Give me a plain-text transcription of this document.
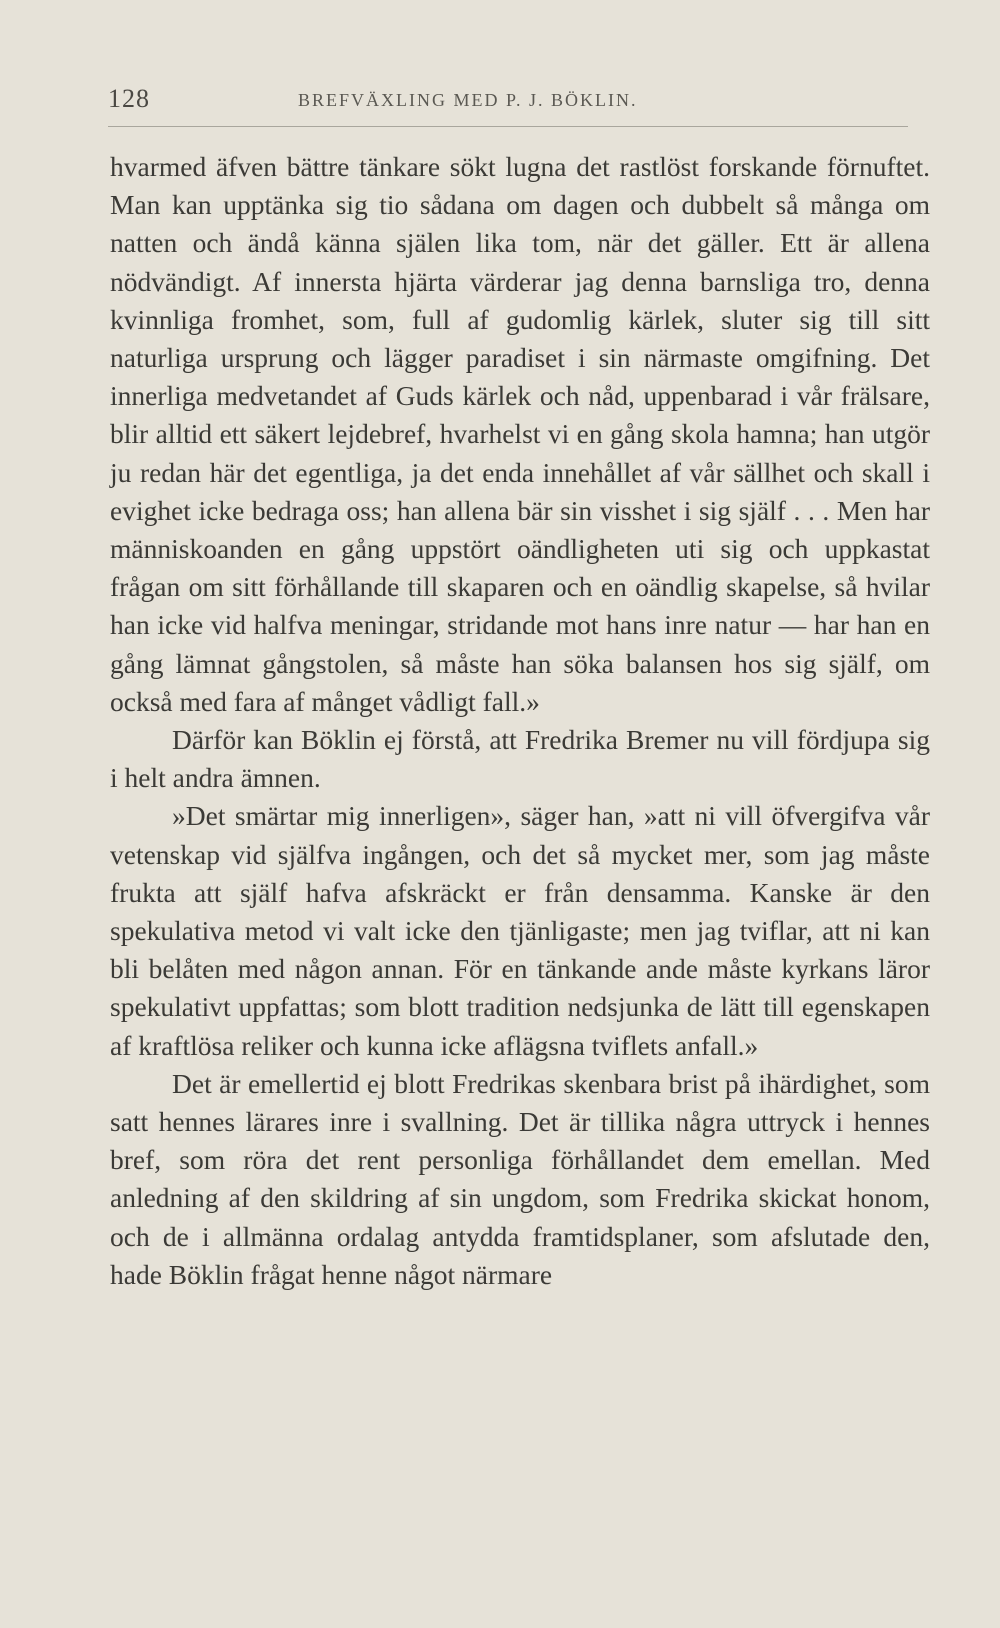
128	BREFVÄXLING MED P. J. BÖKLIN.

hvarmed äfven bättre tänkare sökt lugna det rastlöst forskande förnuftet. Man kan upptänka sig tio sådana om dagen och dubbelt så många om natten och ändå känna själen lika tom, när det gäller. Ett är allena nödvändigt. Af innersta hjärta värderar jag denna barnsliga tro, denna kvinnliga fromhet, som, full af gudomlig kärlek, sluter sig till sitt naturliga ursprung och lägger paradiset i sin närmaste omgifning. Det innerliga medvetandet af Guds kärlek och nåd, uppenbarad i vår frälsare, blir alltid ett säkert lejdebref, hvarhelst vi en gång skola hamna; han utgör ju redan här det egentliga, ja det enda innehållet af vår sällhet och skall i evighet icke bedraga oss; han allena bär sin visshet i sig själf . . . Men har människoanden en gång uppstört oändligheten uti sig och uppkastat frågan om sitt förhållande till skaparen och en oändlig skapelse, så hvilar han icke vid halfva meningar, stridande mot hans inre natur — har han en gång lämnat gångstolen, så måste han söka balansen hos sig själf, om också med fara af månget vådligt fall.»

Därför kan Böklin ej förstå, att Fredrika Bremer nu vill fördjupa sig i helt andra ämnen.

»Det smärtar mig innerligen», säger han, »att ni vill öfvergifva vår vetenskap vid själfva ingången, och det så mycket mer, som jag måste frukta att själf hafva afskräckt er från densamma. Kanske är den spekulativa metod vi valt icke den tjänligaste; men jag tviflar, att ni kan bli belåten med någon annan. För en tänkande ande måste kyrkans läror spekulativt uppfattas; som blott tradition nedsjunka de lätt till egenskapen af kraftlösa reliker och kunna icke aflägsna tviflets anfall.»

Det är emellertid ej blott Fredrikas skenbara brist på ihärdighet, som satt hennes lärares inre i svallning. Det är tillika några uttryck i hennes bref, som röra det rent personliga förhållandet dem emellan. Med anledning af den skildring af sin ungdom, som Fredrika skickat honom, och de i allmänna ordalag antydda framtidsplaner, som afslutade den, hade Böklin frågat henne något närmare
